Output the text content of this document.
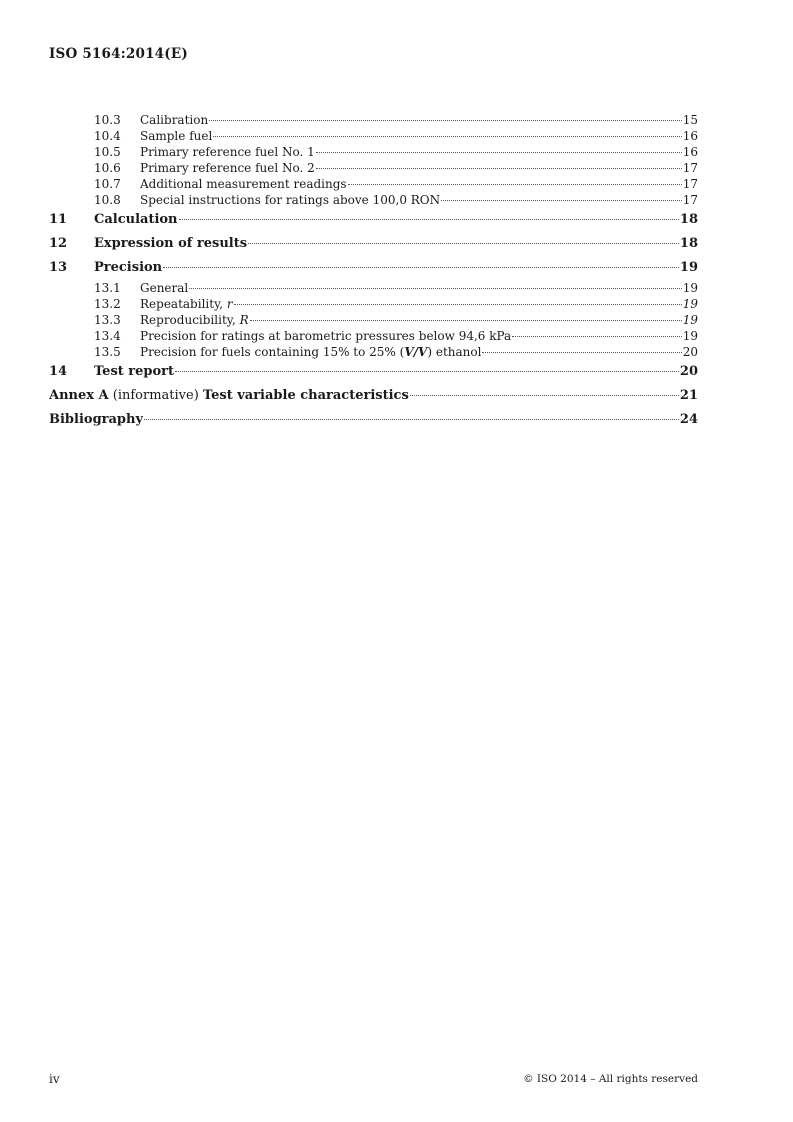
ISO 5164:2014(E)
10.3	Calibration	15
10.4	Sample fuel	16
10.5	Primary reference fuel No. 1	16
10.6	Primary reference fuel No. 2	17
10.7	Additional measurement readings	17
10.8	Special instructions for ratings above 100,0 RON	17
11	Calculation	18
12	Expression of results	18
13	Precision	19
13.1	General	19
13.2	Repeatability, r	19
13.3	Reproducibility, R	19
13.4	Precision for ratings at barometric pressures below 94,6 kPa	19
13.5	Precision for fuels containing 15% to 25% (V/V) ethanol	20
14	Test report	20
Annex A (informative) Test variable characteristics	21
Bibliography	24
iv	© ISO 2014 – All rights reserved
